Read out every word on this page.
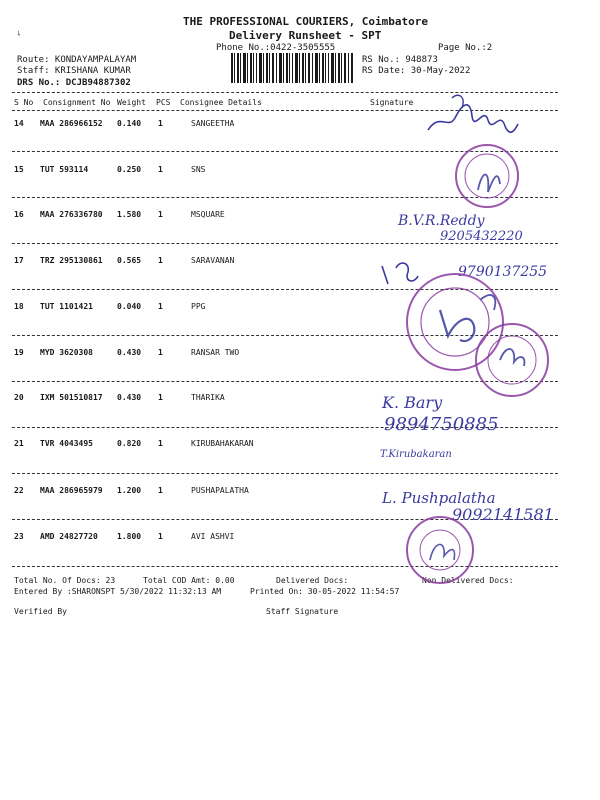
THE PROFESSIONAL COURIERS, Coimbatore
Delivery Runsheet - SPT
Phone No.:0422-3505555	Page No.:2
Route: KONDAYAMPALAYAM
Staff: KRISHANA KUMAR
DRS No.: DCJB94887302
RS No.: 948873
RS Date: 30-May-2022
↘
S No Consignment No Weight PCS Consignee Details	Signature
14 MAA 286966152 0.140 1	SANGEETHA
15 TUT 593114	0.250 1	SNS
16 MAA 276336780 1.580 1	MSQUARE
17 TRZ 295130861 0.565 1	SARAVANAN
18 TUT 1101421	0.040 1	PPG
19 MYD 3620308	0.430 1	RANSAR TWO
20 IXM 501510817 0.430 1	THARIKA
21 TVR 4043495	0.820 1	KIRUBAHAKARAN
22 MAA 286965979 1.200 1	PUSHAPALATHA
23 AMD 24827720 1.800 1	AVI ASHVI
Total No. Of Docs: 23	Total COD Amt: 0.00	Delivered Docs:	Non Delivered Docs:
Entered By :SHARONSPT 5/30/2022 11:32:13 AM	Printed On: 30-05-2022 11:54:57
Verified By	Staff Signature
B.V.R.Reddy
9205432220
9790137255
K. Bary
9894750885
T.Kirubakaran
L. Pushpalatha
9092141581
